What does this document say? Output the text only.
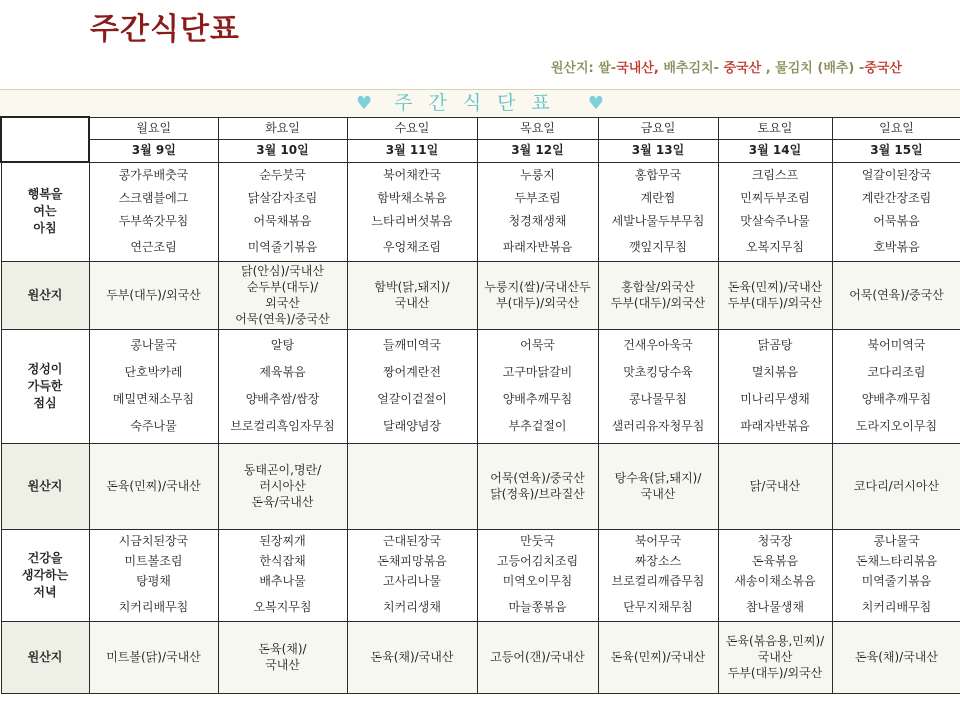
주간식단표
원산지: 쌀-국내산, 배추김치- 중국산 , 물김치 (배추) -중국산
♥ 주간식단표 ♥
	월요일	화요일	수요일	목요일	금요일	토요일	일요일
	3월 9일	3월 10일	3월 11일	3월 12일	3월 13일	3월 14일	3월 15일

행복을
여는
아침	콩가루배춧국
스크램블에그
두부쑥갓무침
연근조림	순두붓국
닭살감자조림
어묵채볶음
미역줄기볶음	북어채칸국
함박채소볶음
느타리버섯볶음
우엉채조림	누룽지
두부조림
청경채생채
파래자반볶음	홍합무국
계란찜
세발나물두부무침
깻잎지무침	크림스프
민찌두부조림
맛살숙주나물
오복지무침	얼갈이된장국
계란간장조림
어묵볶음
호박볶음

원산지	두부(대두)/외국산	닭(안심)/국내산
순두부(대두)/
외국산
어묵(연육)/중국산	함박(닭,돼지)/
국내산	누룽지(쌀)/국내산두
부(대두)/외국산	홍합살/외국산
두부(대두)/외국산	돈육(민찌)/국내산
두부(대두)/외국산	어묵(연육)/중국산

정성이
가득한
점심	콩나물국
단호박카레
메밀면채소무침
숙주나물	알탕
제육볶음
양배추쌈/쌈장
브로컬리흑임자무침	들깨미역국
짱어계란전
얼갈이겉절이
달래양념장	어묵국
고구마닭갈비
양배추깨무침
부추겉절이	건새우아욱국
맛초킹당수육
콩나물무침
샐러리유자청무침	닭곰탕
멸치볶음
미나리무생채
파래자반볶음	북어미역국
코다리조림
양배추깨무침
도라지오이무침

원산지	돈육(민찌)/국내산	동태곤이,명란/
러시아산
돈육/국내산		어묵(연육)/중국산
닭(정육)/브라질산	탕수육(닭,돼지)/
국내산	닭/국내산	코다리/러시아산

건강을
생각하는
저녁	시금치된장국
미트볼조림
탕평채
치커리배무침	된장찌개
한식잡채
배추나물
오복지무침	근대된장국
돈채피망볶음
고사리나물
치커리생채	만둣국
고등어김치조림
미역오이무침
마늘쫑볶음	북어무국
짜장소스
브로컬리깨즙무침
단무지채무침	청국장
돈육볶음
새송이채소볶음
참나물생채	콩나물국
돈채느타리볶음
미역줄기볶음
치커리배무침

원산지	미트볼(닭)/국내산	돈육(채)/
국내산	돈육(채)/국내산	고등어(갠)/국내산	돈육(민찌)/국내산	돈육(볶음용,민찌)/
국내산
두부(대두)/외국산	돈육(채)/국내산
